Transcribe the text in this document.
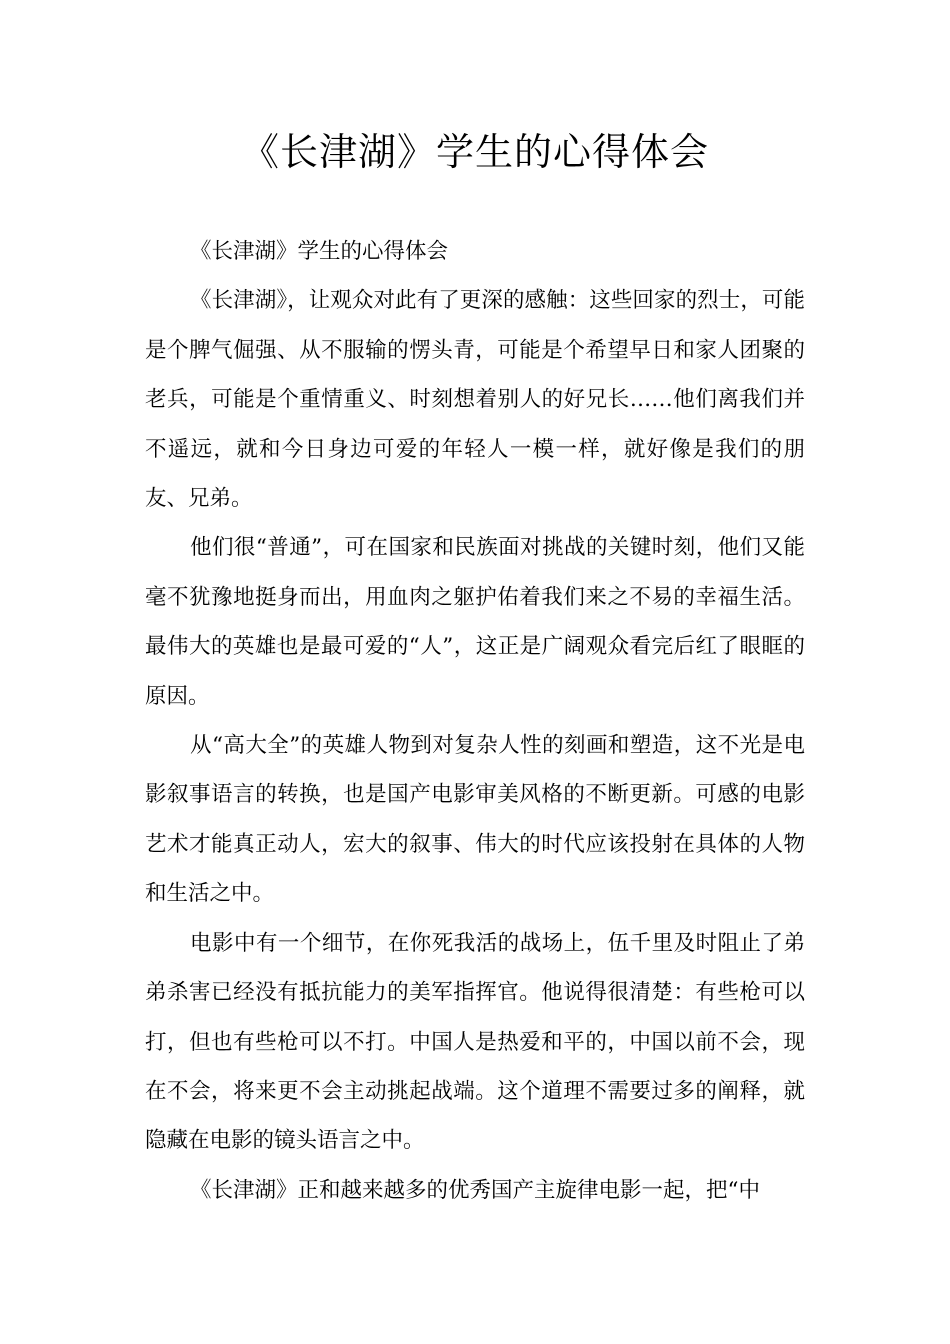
《长津湖》学生的心得体会

《长津湖》学生的心得体会

《长津湖》，让观众对此有了更深的感触：这些回家的烈士，可能是个脾气倔强、从不服输的愣头青，可能是个希望早日和家人团聚的老兵，可能是个重情重义、时刻想着别人的好兄长……他们离我们并不遥远，就和今日身边可爱的年轻人一模一样，就好像是我们的朋友、兄弟。

他们很“普通”，可在国家和民族面对挑战的关键时刻，他们又能毫不犹豫地挺身而出，用血肉之躯护佑着我们来之不易的幸福生活。最伟大的英雄也是最可爱的“人”，这正是广阔观众看完后红了眼眶的原因。

从“高大全”的英雄人物到对复杂人性的刻画和塑造，这不光是电影叙事语言的转换，也是国产电影审美风格的不断更新。可感的电影艺术才能真正动人，宏大的叙事、伟大的时代应该投射在具体的人物和生活之中。

电影中有一个细节，在你死我活的战场上，伍千里及时阻止了弟弟杀害已经没有抵抗能力的美军指挥官。他说得很清楚：有些枪可以打，但也有些枪可以不打。中国人是热爱和平的，中国以前不会，现在不会，将来更不会主动挑起战端。这个道理不需要过多的阐释，就隐藏在电影的镜头语言之中。

《长津湖》正和越来越多的优秀国产主旋律电影一起，把“中
